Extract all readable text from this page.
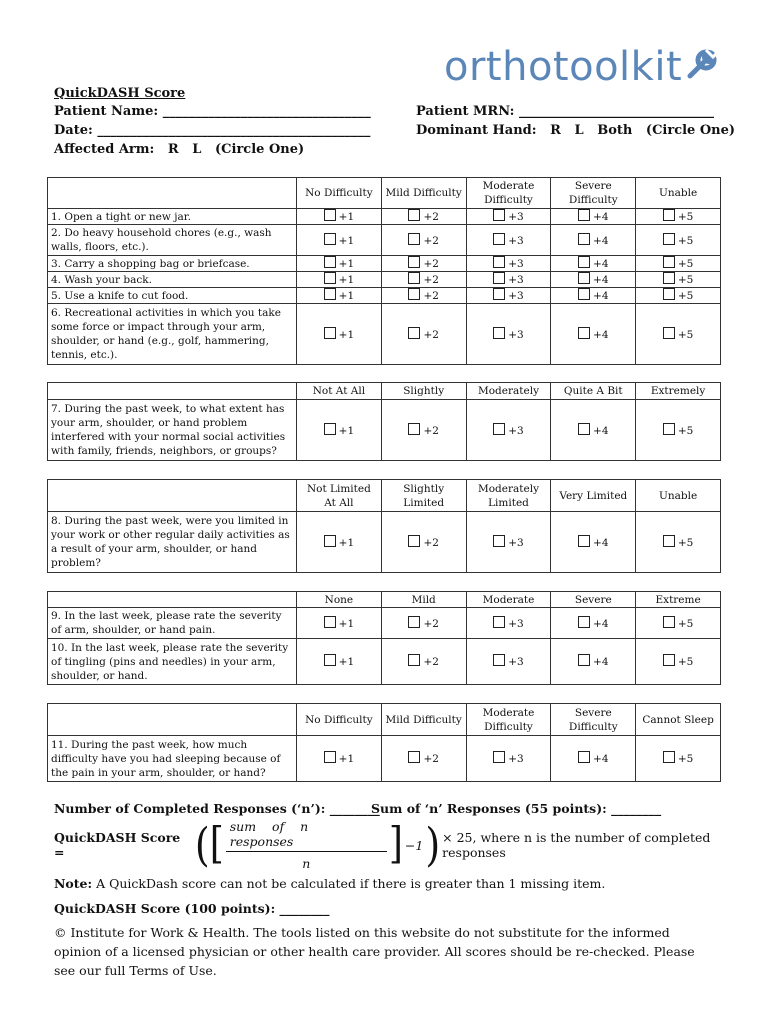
orthotoolkit
QuickDASH Score
Patient Name: ________________________________	Patient MRN: ______________________________
Date: __________________________________________	Dominant Hand: R   L   Both (Circle One)
Affected Arm: R   L (Circle One)
	No Difficulty	Mild Difficulty	Moderate Difficulty	Severe Difficulty	Unable
1. Open a tight or new jar.	+1	+2	+3	+4	+5
2. Do heavy household chores (e.g., wash walls, floors, etc.).	+1	+2	+3	+4	+5
3. Carry a shopping bag or briefcase.	+1	+2	+3	+4	+5
4. Wash your back.	+1	+2	+3	+4	+5
5. Use a knife to cut food.	+1	+2	+3	+4	+5
6. Recreational activities in which you take some force or impact through your arm, shoulder, or hand (e.g., golf, hammering, tennis, etc.).	+1	+2	+3	+4	+5
	Not At All	Slightly	Moderately	Quite A Bit	Extremely
7. During the past week, to what extent has your arm, shoulder, or hand problem interfered with your normal social activities with family, friends, neighbors, or groups?	+1	+2	+3	+4	+5
	Not Limited At All	Slightly Limited	Moderately Limited	Very Limited	Unable
8. During the past week, were you limited in your work or other regular daily activities as a result of your arm, shoulder, or hand problem?	+1	+2	+3	+4	+5
	None	Mild	Moderate	Severe	Extreme
9. In the last week, please rate the severity of arm, shoulder, or hand pain.	+1	+2	+3	+4	+5
10. In the last week, please rate the severity of tingling (pins and needles) in your arm, shoulder, or hand.	+1	+2	+3	+4	+5
	No Difficulty	Mild Difficulty	Moderate Difficulty	Severe Difficulty	Cannot Sleep
11. During the past week, how much difficulty have you had sleeping because of the pain in your arm, shoulder, or hand?	+1	+2	+3	+4	+5
Number of Completed Responses (‘n’): ________
Sum of ‘n’ Responses (55 points): ________
QuickDASH Score =	( [ $\frac{\text{sum of n responses}}{n}$ ] −1 ) × 25, where n is the number of completed responses
Note: A QuickDash score can not be calculated if there is greater than 1 missing item.
QuickDASH Score (100 points): ________
© Institute for Work & Health. The tools listed on this website do not substitute for the informed opinion of a licensed physician or other health care provider. All scores should be re-checked. Please see our full Terms of Use.
